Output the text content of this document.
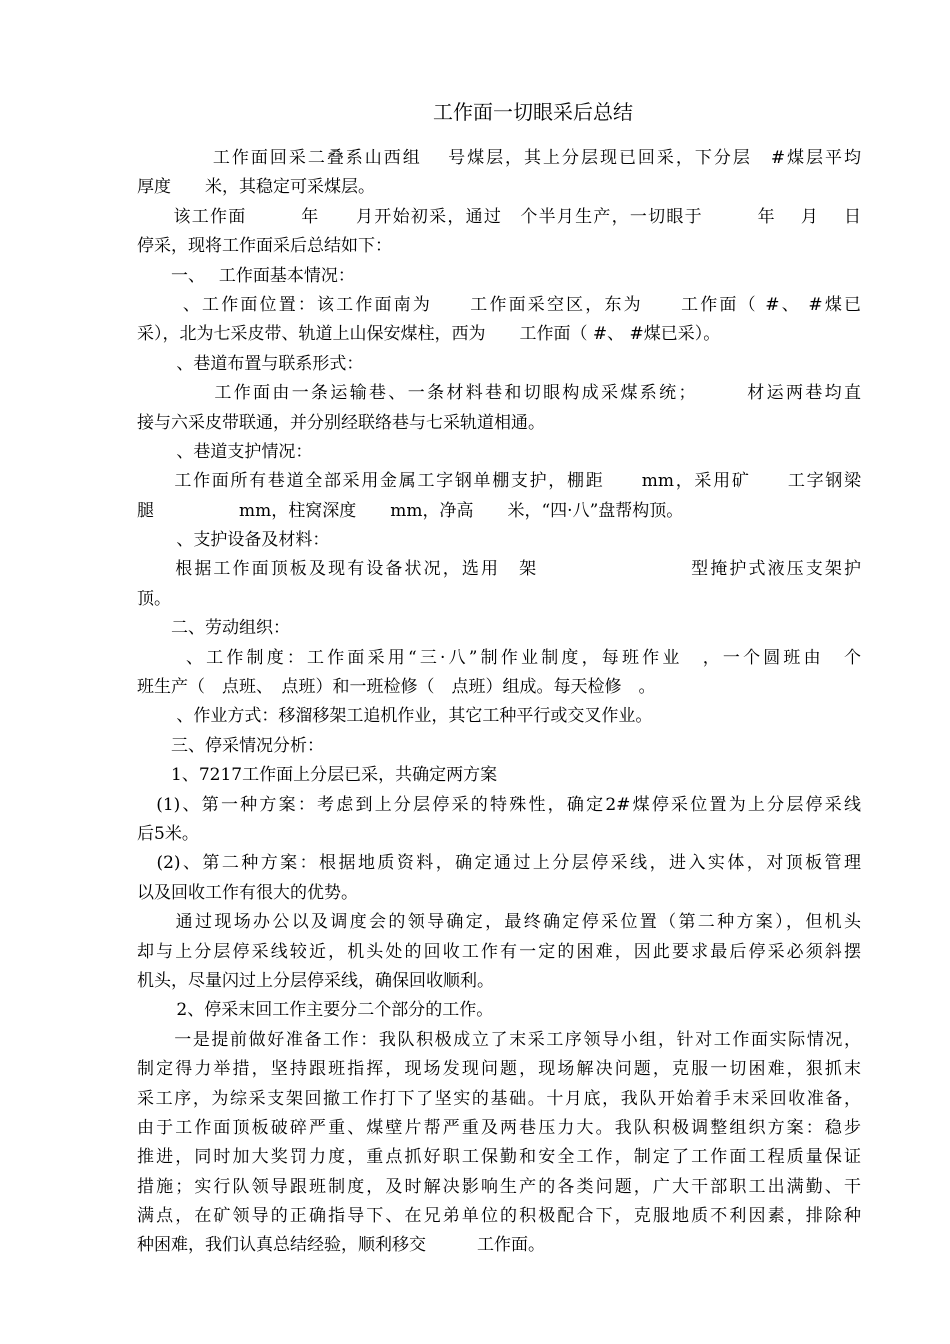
工作面一切眼采后总结
　　　　工作面回采二叠系山西组　 号煤层，其上分层现已回采，下分层　#煤层平均
厚度　　米，其稳定可采煤层。
　　该工作面　　　年　　月开始初采，通过　个半月生产，一切眼于　　　年　 月　 日
停采，现将工作面采后总结如下：
　　一、　 工作面基本情况：
　　 、工作面位置：该工作面南为　　工作面采空区，东为　　工作面（ #、 #煤已
采），北为七采皮带、轨道上山保安煤柱，西为　　工作面（ #、 #煤已采）。
　　 、巷道布置与联系形式：
　　　　工作面由一条运输巷、一条材料巷和切眼构成采煤系统；　　　材运两巷均直
接与六采皮带联通，并分别经联络巷与七采轨道相通。
　　 、巷道支护情况：
　　工作面所有巷道全部采用金属工字钢单棚支护，棚距　　mm，采用矿　　工字钢梁
腿　　　　　mm，柱窝深度　　mm，净高　　米，“四·八”盘帮构顶。
　　 、支护设备及材料：
　　根据工作面顶板及现有设备状况，选用　架　　　　　　　　型掩护式液压支架护
顶。
　　二、劳动组织：
　　 、工作制度：工作面采用“三·八”制作业制度，每班作业　，一个圆班由　个
班生产（　点班、　点班）和一班检修（　点班）组成。每天检修　。
　　 、作业方式：移溜移架工追机作业，其它工种平行或交叉作业。
　　三、停采情况分析：
　　1、7217工作面上分层已采，共确定两方案
　(1)、第一种方案：考虑到上分层停采的特殊性，确定2#煤停采位置为上分层停采线
后5米。
　(2)、第二种方案：根据地质资料，确定通过上分层停采线，进入实体，对顶板管理
以及回收工作有很大的优势。
　　通过现场办公以及调度会的领导确定，最终确定停采位置（第二种方案），但机头
却与上分层停采线较近，机头处的回收工作有一定的困难，因此要求最后停采必须斜摆
机头，尽量闪过上分层停采线，确保回收顺利。
　　 2、停采末回工作主要分二个部分的工作。
　　一是提前做好准备工作：我队积极成立了末采工序领导小组，针对工作面实际情况，
制定得力举措，坚持跟班指挥，现场发现问题，现场解决问题，克服一切困难，狠抓末
采工序，为综采支架回撤工作打下了坚实的基础。十月底，我队开始着手末采回收准备，
由于工作面顶板破碎严重、煤壁片帮严重及两巷压力大。我队积极调整组织方案：稳步
推进，同时加大奖罚力度，重点抓好职工保勤和安全工作，制定了工作面工程质量保证
措施；实行队领导跟班制度，及时解决影响生产的各类问题，广大干部职工出满勤、干
满点，在矿领导的正确指导下、在兄弟单位的积极配合下，克服地质不利因素，排除种
种困难，我们认真总结经验，顺利移交　　　工作面。
